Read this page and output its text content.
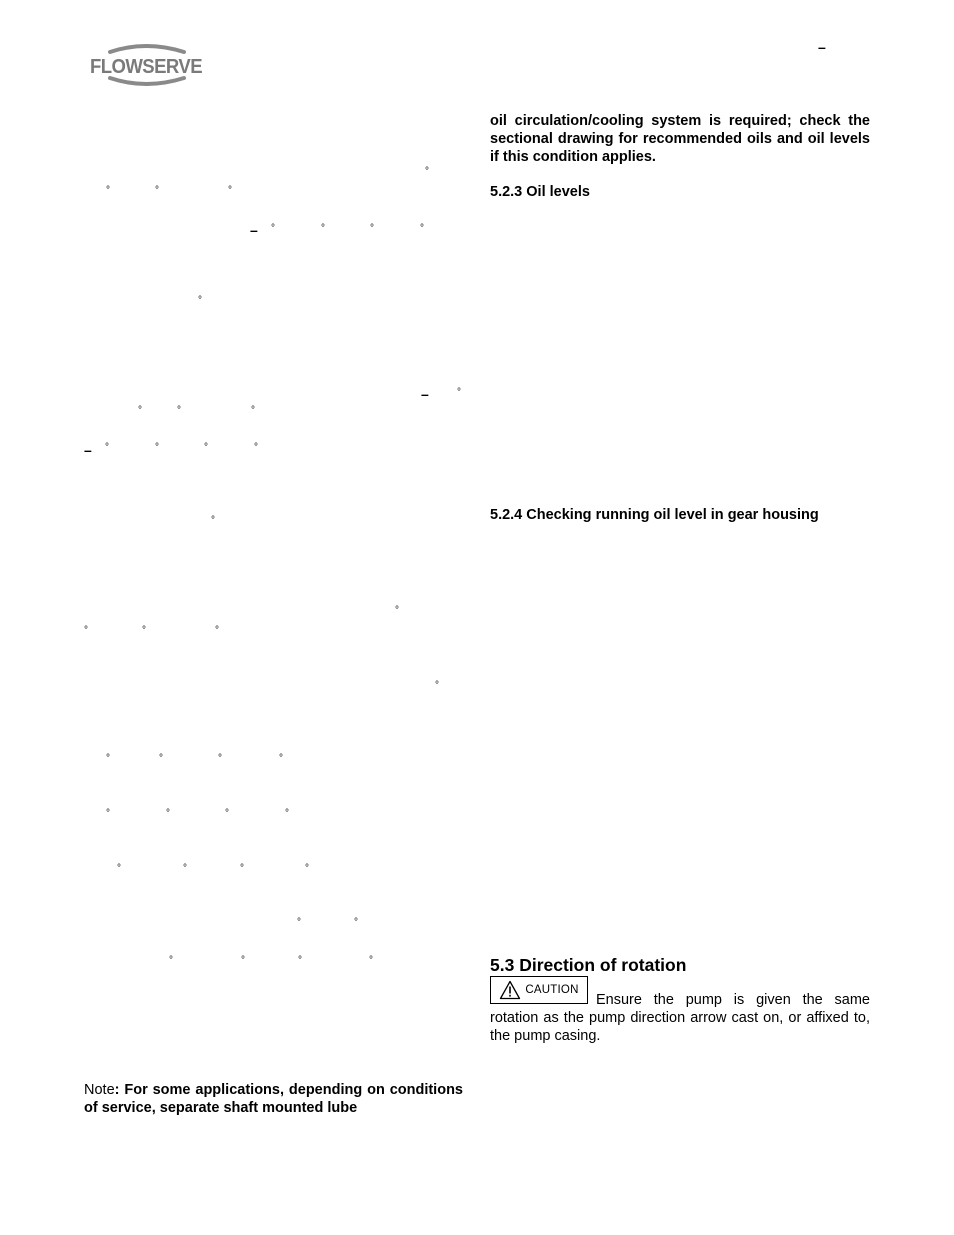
FLOWSERVE
–
°
°	°	°
– °	°	°	°
°
–	°
°	°	°
– °	°	°	°
°
°
°	°	°
°
°	°	°	°
°	°	°	°
°	°	°	°
°	°
°	°	°	°

Note: For some applications, depending on conditions of service, separate shaft mounted lube

oil circulation/cooling system is required; check the sectional drawing for recommended oils and oil levels if this condition applies.

5.2.3 Oil levels
5.2.4 Checking running oil level in gear housing
5.3 Direction of rotation
CAUTION

Ensure the pump is given the same rotation as the pump direction arrow cast on, or affixed to, the pump casing.
